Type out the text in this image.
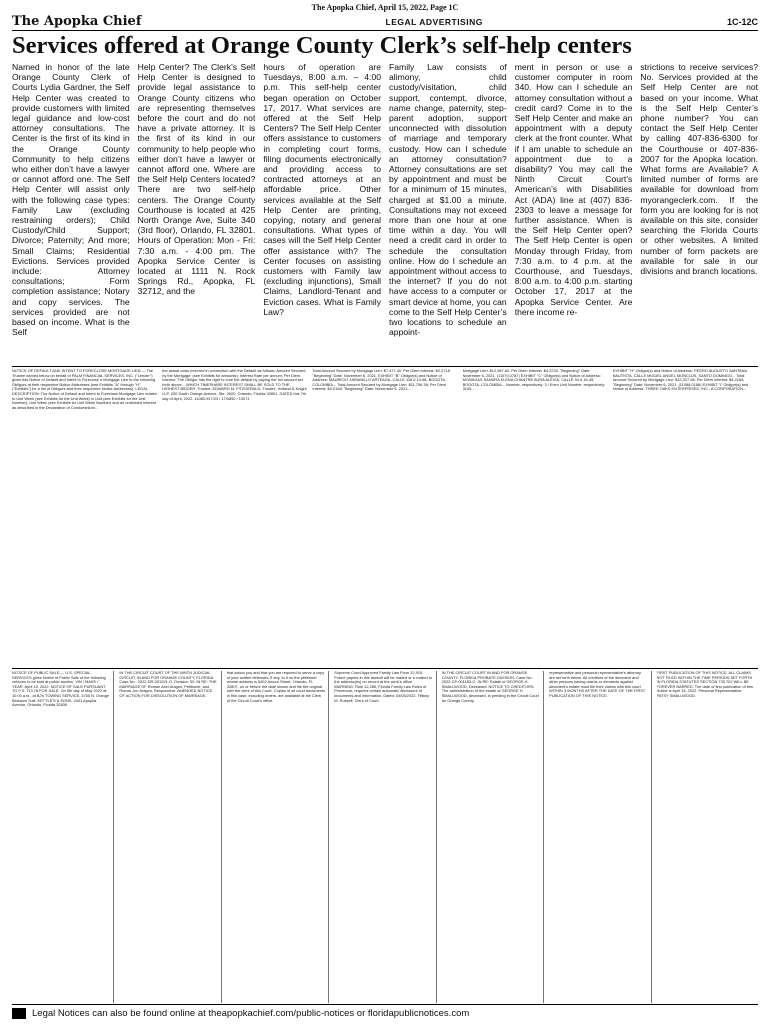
The Apopka Chief, April 15, 2022, Page 1C
The Apopka Chief	LEGAL ADVERTISING	1C-12C
Services offered at Orange County Clerk’s self-help centers
Named in honor of the late Orange County Clerk of Courts Lydia Gardner, the Self Help Center was created to provide customers with limited legal guidance and low-cost attorney consultations. The Center is the first of its kind in the Orange County Community to help citizens who either don’t have a lawyer or cannot afford one. The Self Help Center will assist only with the following case types: Family Law (excluding restraining orders); Child Custody/Child Support; Divorce; Paternity; And more; Small Claims; Residential Evictions. Services provided include: Attorney consultations; Form completion assistance; Notary and copy services. The services provided are not based on income. What is the Self
Help Center? The Clerk’s Self Help Center is designed to provide legal assistance to Orange County citizens who are representing themselves before the court and do not have a private attorney. It is the first of its kind in our community to help people who either don’t have a lawyer or cannot afford one. Where are the Self Help Centers located? There are two self-help centers. The Orange County Courthouse is located at 425 North Orange Ave, Suite 340 (3rd floor), Orlando, FL 32801. Hours of Operation: Mon - Fri: 7:30 a.m. - 4:00 pm. The Apopka Service Center is located at 1111 N. Rock Springs Rd., Apopka, FL 32712, and the
hours of operation are Tuesdays, 8:00 a.m. – 4:00 p.m. This self-help center began operation on October 17, 2017. What services are offered at the Self Help Centers? The Self Help Center offers assistance to customers in completing court forms, filing documents electronically and providing access to contracted attorneys at an affordable price. Other services available at the Self Help Center are printing, copying, notary and general consultations. What types of cases will the Self Help Center offer assistance with? The Center focuses on assisting customers with Family law (excluding injunctions), Small Claims, Landlord-Tenant and Eviction cases. What is Family Law?
Family Law consists of alimony, child custody/visitation, child support, contempt, divorce, name change, paternity, step-parent adoption, support unconnected with dissolution of marriage and temporary custody. How can I schedule an attorney consultation? Attorney consultations are set by appointment and must be for a minimum of 15 minutes, charged at $1.00 a minute. Consultations may not exceed more than one hour at one time within a day. You will need a credit card in order to schedule the consultation online. How do I schedule an appointment without access to the internet? If you do not have access to a computer or smart device at home, you can come to the Self Help Center’s two locations to schedule an appoint-
ment in person or use a customer computer in room 340. How can I schedule an attorney consultation without a credit card? Come in to the Self Help Center and make an appointment with a deputy clerk at the front counter. What if I am unable to schedule an appointment due to a disability? You may call the Ninth Circuit Court’s American’s with Disabilities Act (ADA) line at (407) 836-2303 to leave a message for further assistance. When is the Self Help Center open? The Self Help Center is open Monday through Friday, from 7:30 a.m. to 4 p.m. at the Courthouse, and Tuesdays, 8:00 a.m. to 4:00 p.m. starting October 17, 2017 at the Apopka Service Center. Are there income re-
strictions to receive services? No. Services provided at the Self Help Center are not based on your income. What is the Self Help Center’s phone number? You can contact the Self Help Center by calling 407-836-6300 for the Courthouse or 407-836-2007 for the Apopka location. What forms are Available? A limited number of forms are available for download from myorangeclerk.com. If the form you are looking for is not available on this site, consider searching the Florida Courts or other websites. A limited number of form packets are available for sale in our divisions and branch locations.
NOTICE OF DEFAULT AND INTENT TO FORECLOSE MORTGAGE LIEN — The Trustee named below on behalf of PALM FINANCIAL SERVICES, INC. ("Lender") gives this Notice of Default and Intent to Foreclose a Mortgage Lien to the following Obligors at their respective Notice Addresses (see Exhibits "A" through "H" ("Exhibits") for a list of Obligors and their respective Notice Addresses). LEGAL DESCRIPTION: The Notice of Default and Intent to Foreclose Mortgage Lien relates to Unit Week (see Exhibits for the Unit Week) in Unit (see Exhibits for the Unit Number), Unit Week (see Exhibits for Unit Week Number) and an undivided interest as described in the Declaration of Condominium...
the actual costs incurred in connection with the Default as follows: Amount Secured by the Mortgage: (see Exhibits for amounts); Interest Rate per annum; Per Diem Interest. The Obligor has the right to cure the default by paying the full amount set forth above... WHICH TIMESHARE INTEREST SHALL BE SOLD TO THE HIGHEST BIDDER. Trustee: EDWARD M. FITZGERALD, Trustee, Holland & Knight LLP, 200 South Orange Avenue, Ste. 2600, Orlando, Florida 32801. DATED this 7th day of April, 2022. 11080-917/23 / 17/0892 / 13071
Total Amount Secured by Mortgage Lien: $7,477.40. Per Diem Interest: $2.2718 "Beginning" Date: November 6, 2021. EXHIBIT "B" Obligor(s) and Notice of Address: MAURICIO JARAMILLO ARTEAGA, CALLE 118 # 14-58, BOGOTA, COLOMBIA... Total Amount Secured by Mortgage Lien: $11,756.38; Per Diem Interest: $4.0108; "Beginning" Date: November 6, 2021...
Mortgage Lien: $12,987.60. Per Diem Interest: $4.2233. "Beginning" Date: November 6, 2021. (11070.0787) EXHIBIT "C" Obligor(s) and Notice of Address: MONAGAS SANDRA ELENA CHANTRE AURA ALEXIA, CALLE 94 # 16-45, BOGOTA, COLOMBIA... Number, respectively: 3 / Even Unit Number, respectively: 3105...
EXHIBIT "H" Obligor(s) and Notice of Address: PEDRO AUGUSTO SANTANA BAUTISTA, CALLE MIGUEL ANGEL MONCLUS, SANTO DOMINGO... Total Amount Secured by Mortgage Lien: $12,327.08; Per Diem Interest: $4.2183; "Beginning" Date: November 6, 2021. (11088.0188) EXHIBIT "I" Obligor(s) and Notice of Address: THREE OAKS ENTERPRISES, INC., A CORPORATION...
NOTICE OF PUBLIC SALE — U.S. SPECIAL SERVICES gives Notice of Public Sale of the following vehicles to be sold at public auction. VIN / MAKE / YEAR. April 15, 2022. NOTICE OF SALE PURSUANT TO F.S. 713.78 FOR SALE. On 5th day of May 2022 at 10:00 a.m., at BJ’s TOWING SERVICE, 4755 N. Orange Blossom Trail. KETTLE’S & SONS, 2401 Apopka Avenue, Orlando, Florida 32839.
IN THE CIRCUIT COURT OF THE NINTH JUDICIAL CIRCUIT, IN AND FOR ORANGE COUNTY, FLORIDA. Case No.: 2022-DR-001291-O. Division: 30. IN RE: THE MARRIAGE OF Roman Axel Aragon, Petitioner, and Romar Jon Aragon, Respondent. AMENDED NOTICE OF ACTION FOR DISSOLUTION OF MARRIAGE.
that action you and that you are required to serve a copy of your written defenses, if any, to it on the petitioner whose address is 5402 Amour Street, Orlando, FL 32807, on or before the date shown and file the original with the clerk of this Court. Copies of all court documents in this case, including orders, are available at the Clerk of the Circuit Court’s office.
Supreme Court Approved Family Law Form 12.915. Future papers in this lawsuit will be mailed or e-mailed to the address(es) on record at the clerk’s office. WARNING: Rule 12.285, Florida Family Law Rules of Procedure, requires certain automatic disclosure of documents and information. Dated: 04/05/2022. Tiffany M. Russell, Clerk of Court.
IN THE CIRCUIT COURT IN AND FOR ORANGE COUNTY, FLORIDA PROBATE DIVISION. Case No.: 2022-CP-001183-O. IN RE: Estate of GEORGE H. SMALLWOOD, Deceased. NOTICE TO CREDITORS. The administration of the estate of GEORGE H. SMALLWOOD, deceased, is pending in the Circuit Court for Orange County.
representative and personal representative’s attorney are set forth below. All creditors of the decedent and other persons having claims or demands against decedent’s estate must file their claims with this court WITHIN 3 MONTHS AFTER THE DATE OF THE FIRST PUBLICATION OF THIS NOTICE.
FIRST PUBLICATION OF THIS NOTICE. ALL CLAIMS NOT FILED WITHIN THE TIME PERIODS SET FORTH IN FLORIDA STATUTES SECTION 733.702 WILL BE FOREVER BARRED. The date of first publication of this Notice is April 15, 2022. Personal Representative: PATSY SMALLWOOD.
Legal Notices can also be found online at theapopkachief.com/public-notices or floridapublicnotices.com
